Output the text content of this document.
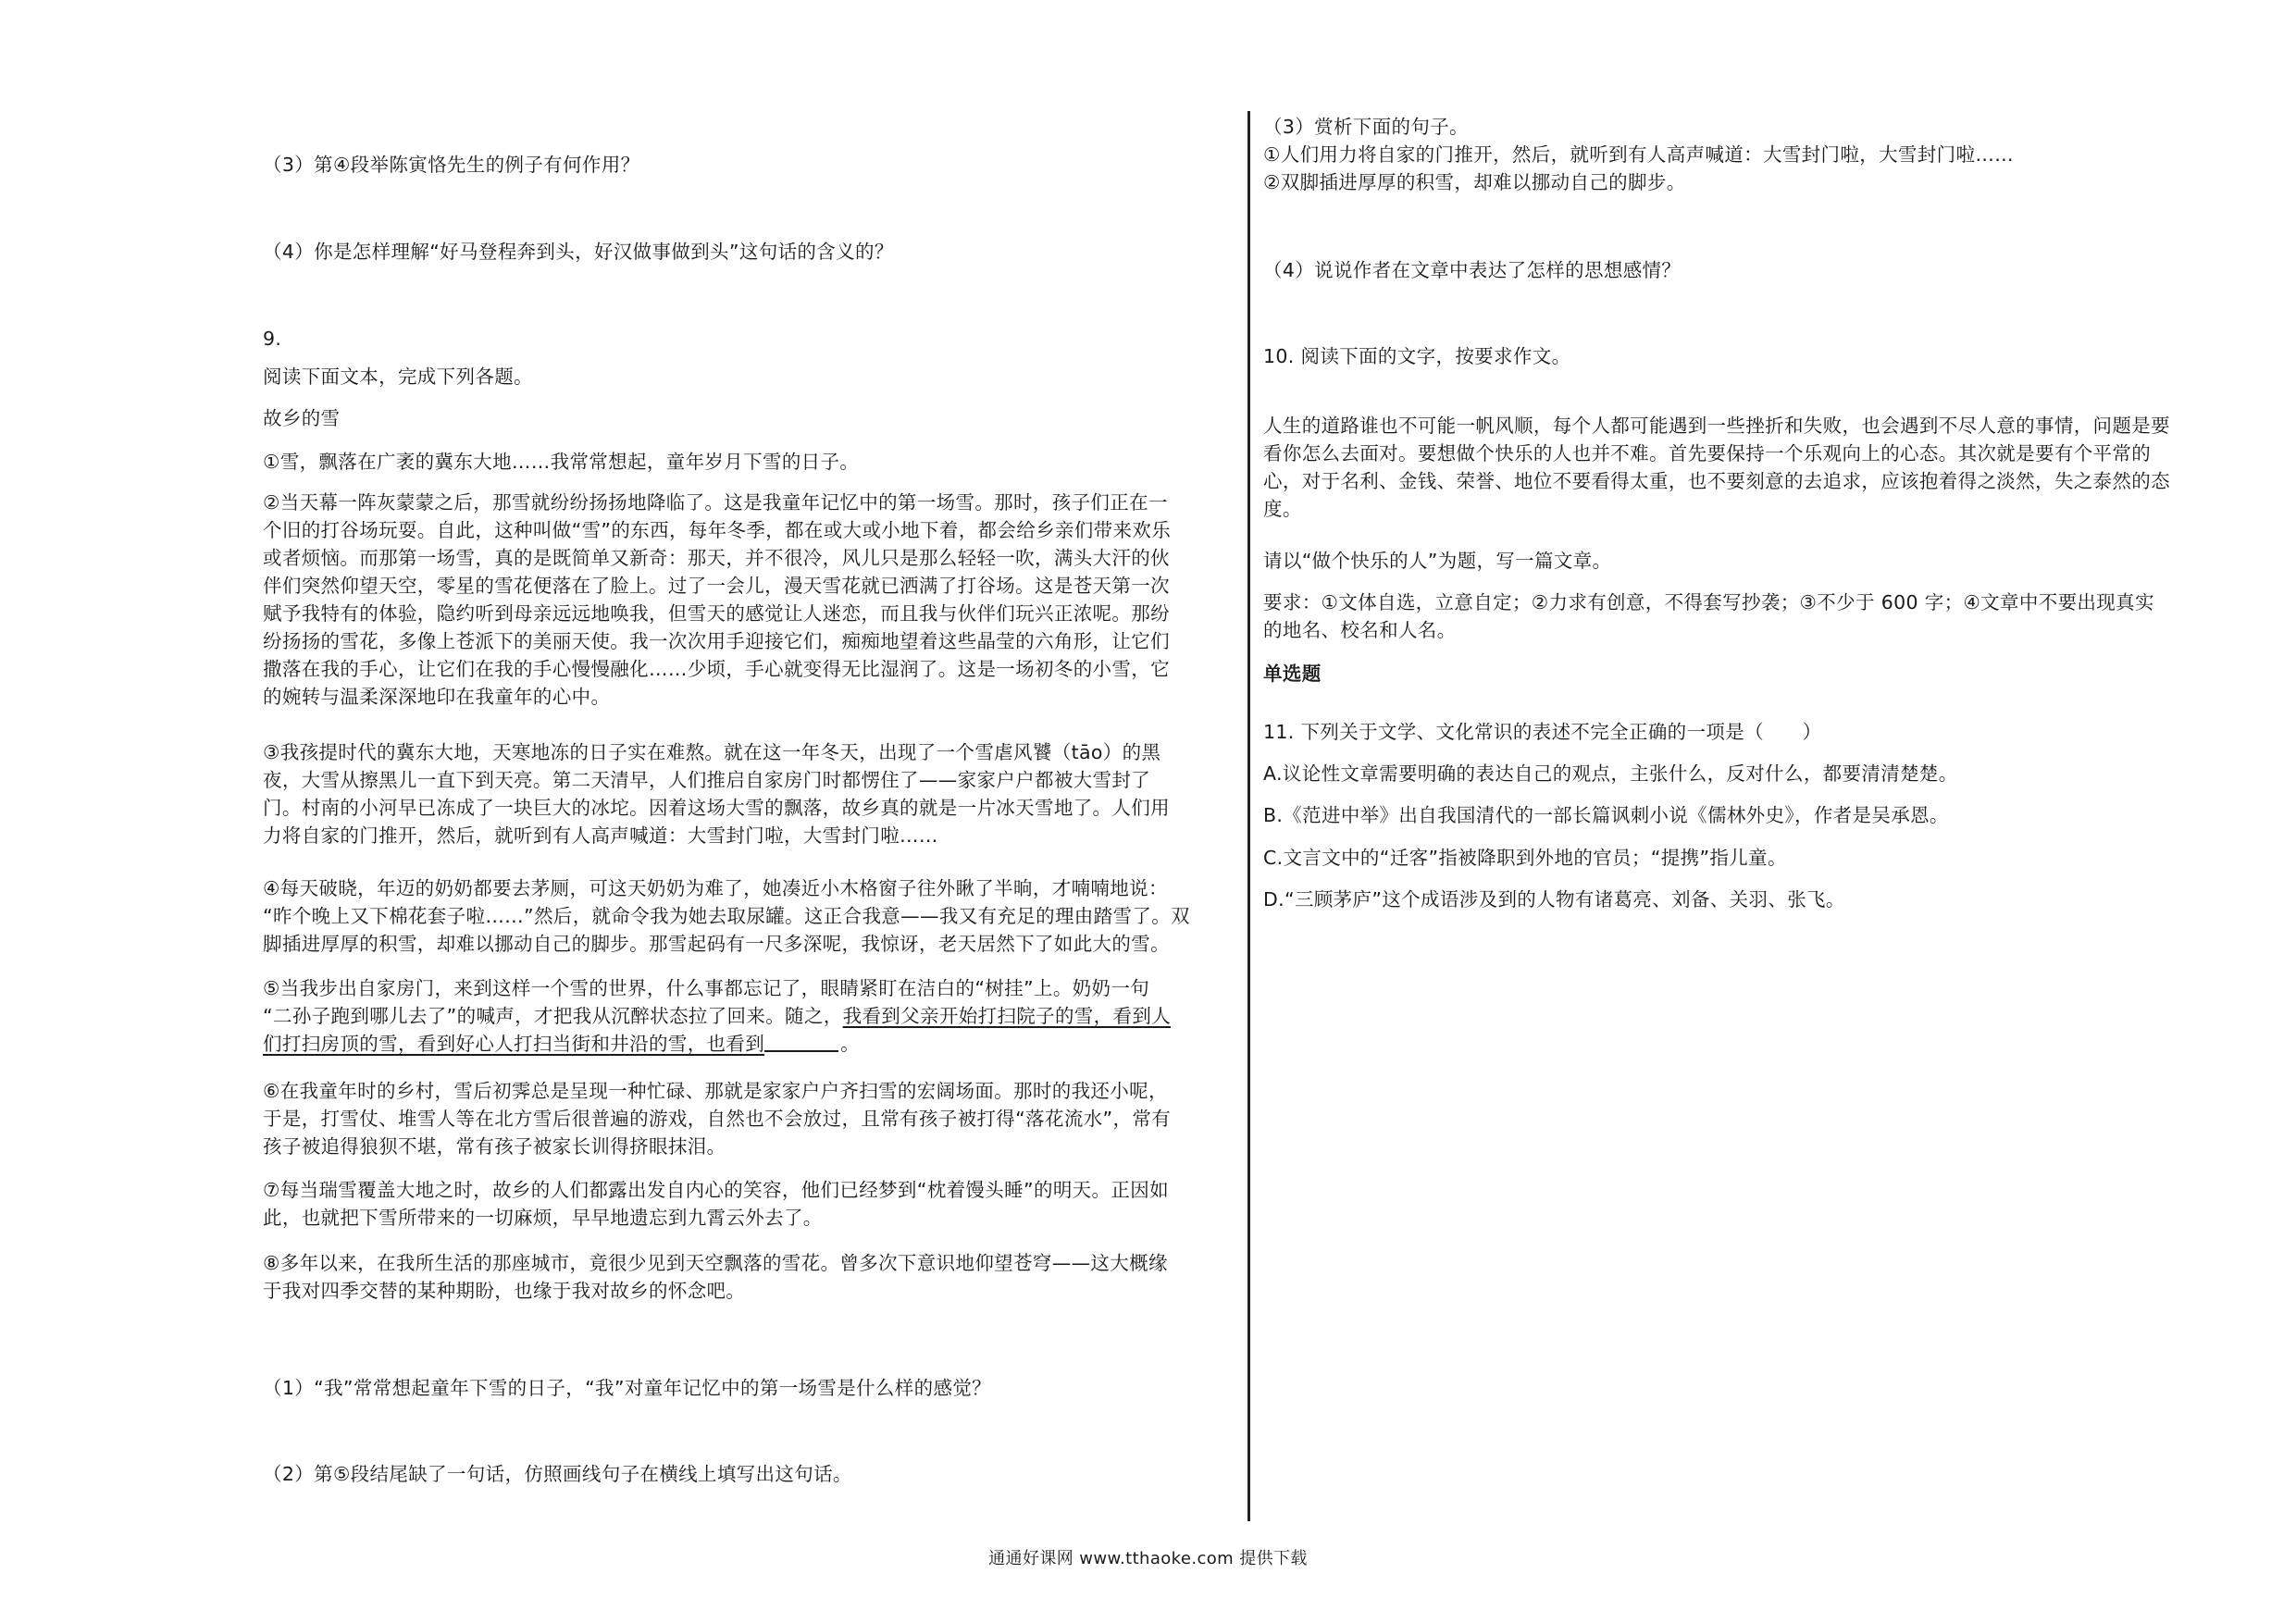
（3）第④段举陈寅恪先生的例子有何作用？
（4）你是怎样理解“好马登程奔到头，好汉做事做到头”这句话的含义的？
9.
阅读下面文本，完成下列各题。
故乡的雪
①雪，飘落在广袤的冀东大地……我常常想起，童年岁月下雪的日子。
②当天幕一阵灰蒙蒙之后，那雪就纷纷扬扬地降临了。这是我童年记忆中的第一场雪。那时，孩子们正在一
个旧的打谷场玩耍。自此，这种叫做“雪”的东西，每年冬季，都在或大或小地下着，都会给乡亲们带来欢乐
或者烦恼。而那第一场雪，真的是既简单又新奇：那天，并不很冷，风儿只是那么轻轻一吹，满头大汗的伙
伴们突然仰望天空，零星的雪花便落在了脸上。过了一会儿，漫天雪花就已洒满了打谷场。这是苍天第一次
赋予我特有的体验，隐约听到母亲远远地唤我，但雪天的感觉让人迷恋，而且我与伙伴们玩兴正浓呢。那纷
纷扬扬的雪花，多像上苍派下的美丽天使。我一次次用手迎接它们，痴痴地望着这些晶莹的六角形，让它们
撒落在我的手心，让它们在我的手心慢慢融化……少顷，手心就变得无比湿润了。这是一场初冬的小雪，它
的婉转与温柔深深地印在我童年的心中。
③我孩提时代的冀东大地，天寒地冻的日子实在难熬。就在这一年冬天，出现了一个雪虐风饕（tāo）的黑
夜，大雪从擦黑儿一直下到天亮。第二天清早，人们推启自家房门时都愣住了——家家户户都被大雪封了
门。村南的小河早已冻成了一块巨大的冰坨。因着这场大雪的飘落，故乡真的就是一片冰天雪地了。人们用
力将自家的门推开，然后，就听到有人高声喊道：大雪封门啦，大雪封门啦……
④每天破晓，年迈的奶奶都要去茅厕，可这天奶奶为难了，她凑近小木格窗子往外瞅了半晌，才喃喃地说：
“昨个晚上又下棉花套子啦……”然后，就命令我为她去取尿罐。这正合我意——我又有充足的理由踏雪了。双
脚插进厚厚的积雪，却难以挪动自己的脚步。那雪起码有一尺多深呢，我惊讶，老天居然下了如此大的雪。
⑤当我步出自家房门，来到这样一个雪的世界，什么事都忘记了，眼睛紧盯在洁白的“树挂”上。奶奶一句
“二孙子跑到哪儿去了”的喊声，才把我从沉醉状态拉了回来。随之，我看到父亲开始打扫院子的雪，看到人
们打扫房顶的雪，看到好心人打扫当街和井沿的雪，也看到	。
⑥在我童年时的乡村，雪后初霁总是呈现一种忙碌、那就是家家户户齐扫雪的宏阔场面。那时的我还小呢，
于是，打雪仗、堆雪人等在北方雪后很普遍的游戏，自然也不会放过，且常有孩子被打得“落花流水”，常有
孩子被追得狼狈不堪，常有孩子被家长训得挤眼抹泪。
⑦每当瑞雪覆盖大地之时，故乡的人们都露出发自内心的笑容，他们已经梦到“枕着馒头睡”的明天。正因如
此，也就把下雪所带来的一切麻烦，早早地遗忘到九霄云外去了。
⑧多年以来，在我所生活的那座城市，竟很少见到天空飘落的雪花。曾多次下意识地仰望苍穹——这大概缘
于我对四季交替的某种期盼，也缘于我对故乡的怀念吧。
（1）“我”常常想起童年下雪的日子，“我”对童年记忆中的第一场雪是什么样的感觉？
（2）第⑤段结尾缺了一句话，仿照画线句子在横线上填写出这句话。
（3）赏析下面的句子。
①人们用力将自家的门推开，然后，就听到有人高声喊道：大雪封门啦，大雪封门啦……
②双脚插进厚厚的积雪，却难以挪动自己的脚步。
（4）说说作者在文章中表达了怎样的思想感情？
10. 阅读下面的文字，按要求作文。
人生的道路谁也不可能一帆风顺，每个人都可能遇到一些挫折和失败，也会遇到不尽人意的事情，问题是要
看你怎么去面对。要想做个快乐的人也并不难。首先要保持一个乐观向上的心态。其次就是要有个平常的
心，对于名利、金钱、荣誉、地位不要看得太重，也不要刻意的去追求，应该抱着得之淡然，失之泰然的态
度。
请以“做个快乐的人”为题，写一篇文章。
要求：①文体自选，立意自定；②力求有创意，不得套写抄袭；③不少于 600 字；④文章中不要出现真实
的地名、校名和人名。
单选题
11. 下列关于文学、文化常识的表述不完全正确的一项是（　　）
A.议论性文章需要明确的表达自己的观点，主张什么，反对什么，都要清清楚楚。
B.《范进中举》出自我国清代的一部长篇讽刺小说《儒林外史》，作者是吴承恩。
C.文言文中的“迁客”指被降职到外地的官员；“提携”指儿童。
D.“三顾茅庐”这个成语涉及到的人物有诸葛亮、刘备、关羽、张飞。
通通好课网 www.tthaoke.com 提供下载
